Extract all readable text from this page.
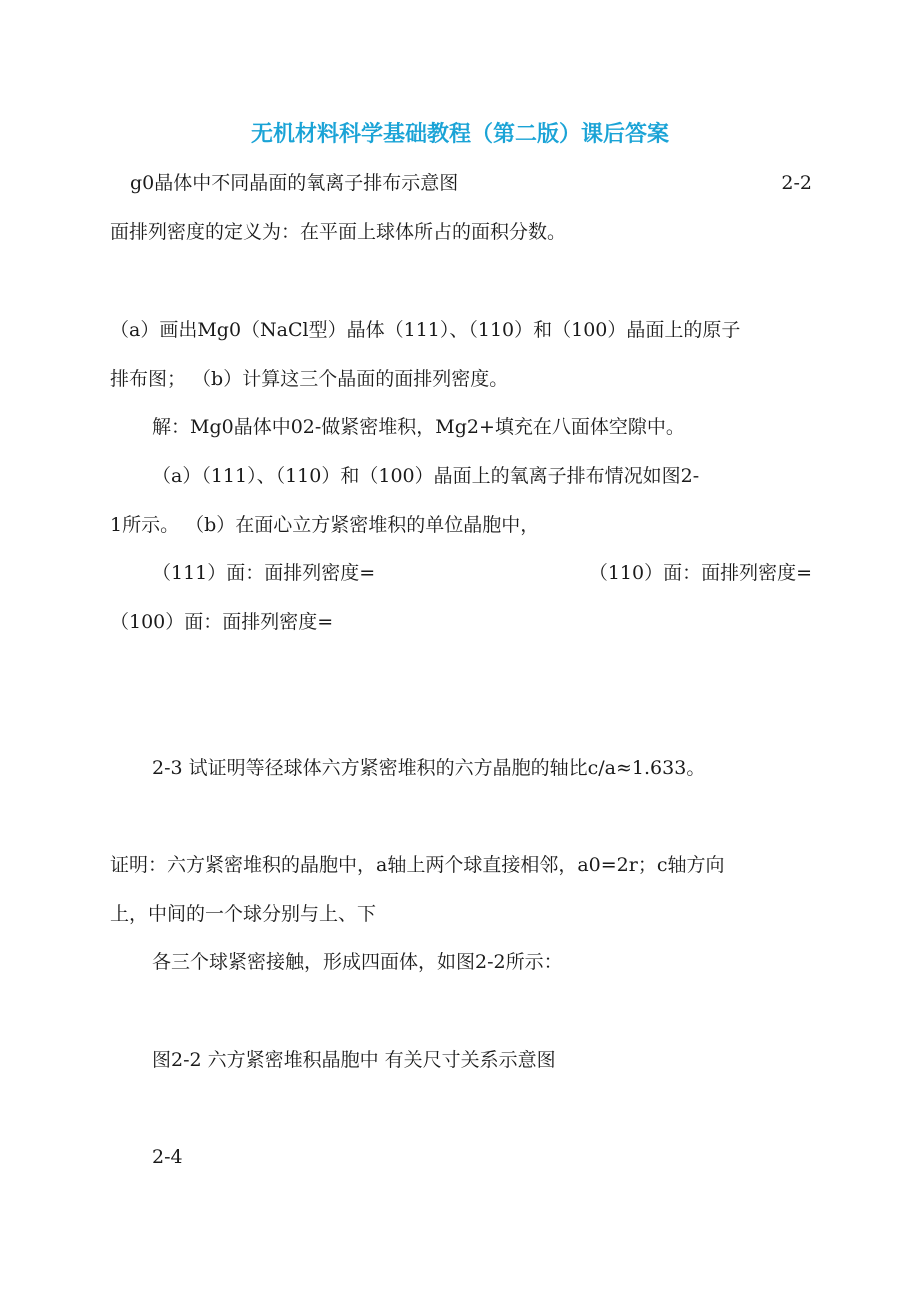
无机材料科学基础教程（第二版）课后答案
g0晶体中不同晶面的氧离子排布示意图	2-2
面排列密度的定义为：在平面上球体所占的面积分数。
（a）画出Mg0（NaCl型）晶体（111）、（110）和（100）晶面上的原子
排布图； （b）计算这三个晶面的面排列密度。
解：Mg0晶体中02-做紧密堆积，Mg2+填充在八面体空隙中。
（a）（111）、（110）和（100）晶面上的氧离子排布情况如图2-
1所示。 （b）在面心立方紧密堆积的单位晶胞中，
（111）面：面排列密度=	（110）面：面排列密度=
（100）面：面排列密度=
2-3 试证明等径球体六方紧密堆积的六方晶胞的轴比c/a≈1.633。
证明：六方紧密堆积的晶胞中，a轴上两个球直接相邻，a0=2r；c轴方向
上，中间的一个球分别与上、下
各三个球紧密接触，形成四面体，如图2-2所示：
图2-2 六方紧密堆积晶胞中 有关尺寸关系示意图
2-4
